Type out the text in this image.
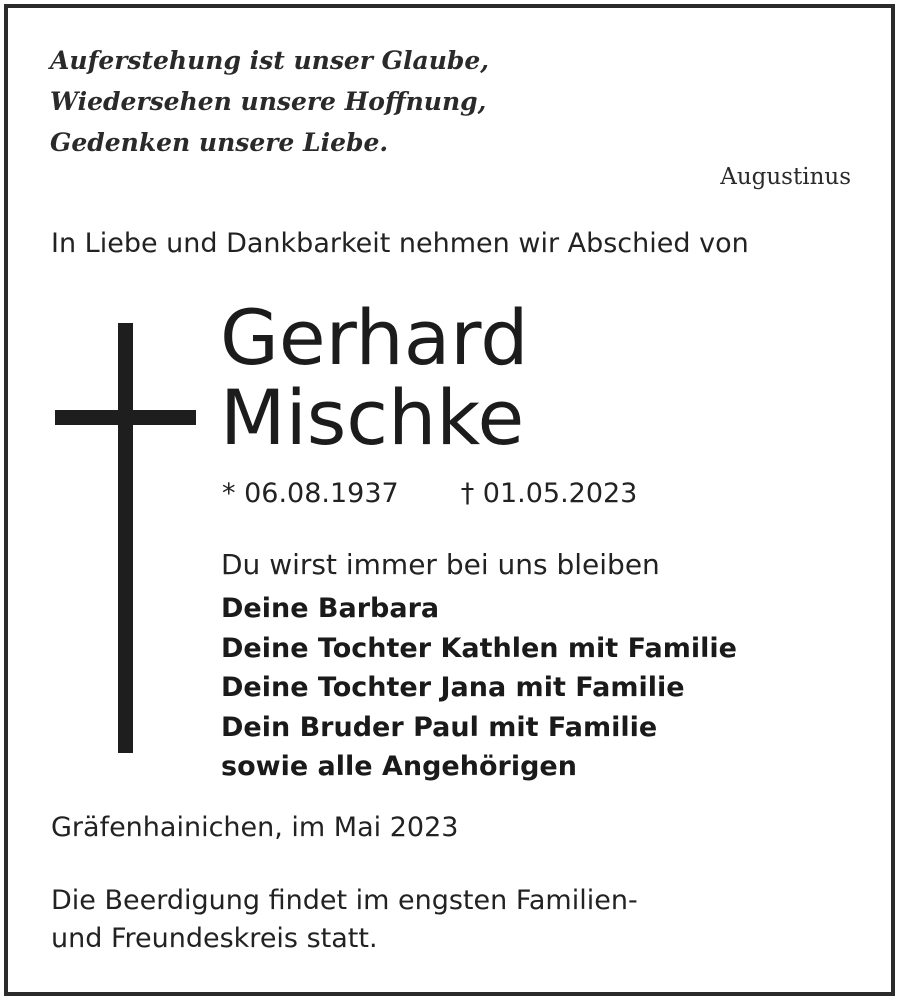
Auferstehung ist unser Glaube,
Wiedersehen unsere Hoffnung,
Gedenken unsere Liebe.
Augustinus
In Liebe und Dankbarkeit nehmen wir Abschied von
Gerhard
Mischke
* 06.08.1937 † 01.05.2023
Du wirst immer bei uns bleiben
Deine Barbara
Deine Tochter Kathlen mit Familie
Deine Tochter Jana mit Familie
Dein Bruder Paul mit Familie
sowie alle Angehörigen
Gräfenhainichen, im Mai 2023
Die Beerdigung findet im engsten Familien-
und Freundeskreis statt.
